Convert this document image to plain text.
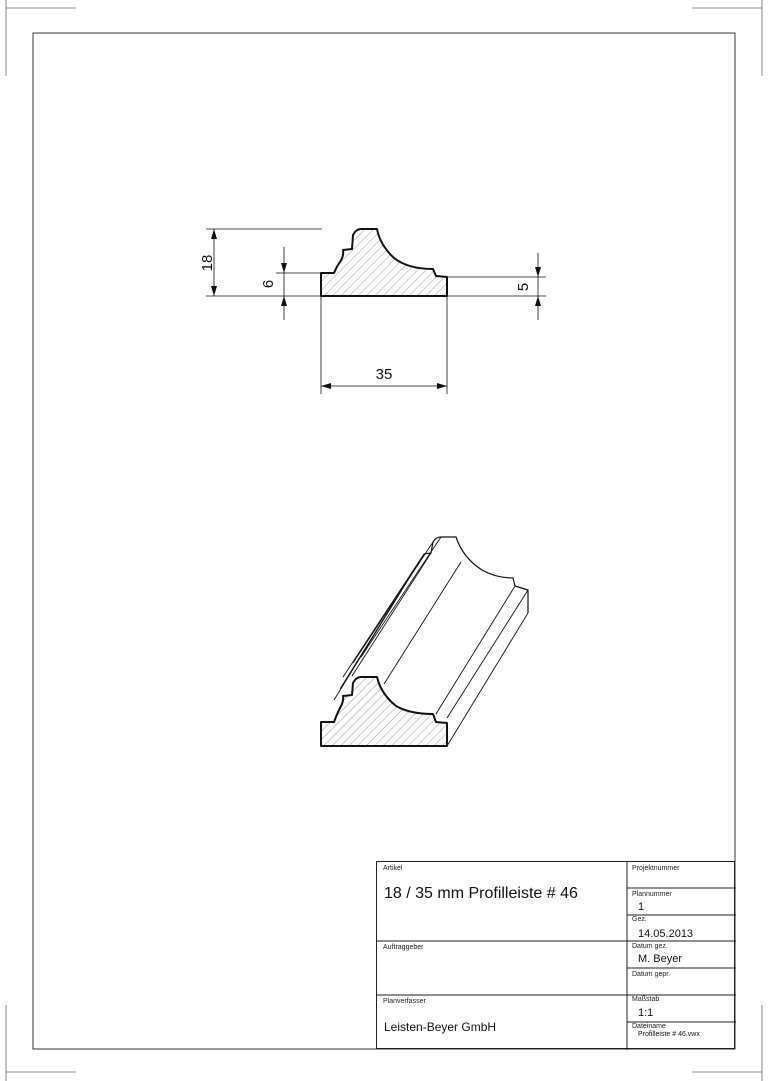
18
6	5
35
Artikel
18 / 35 mm Profilleiste # 46
Projektnummer
Plannummer
1
Gez.
14.05.2013
Auftraggeber	Datum gez.
M. Beyer
Datum gepr.
Planverfasser
Leisten-Beyer GmbH
Maßstab
1:1
Dateiname
Profilleiste # 46.vwx
